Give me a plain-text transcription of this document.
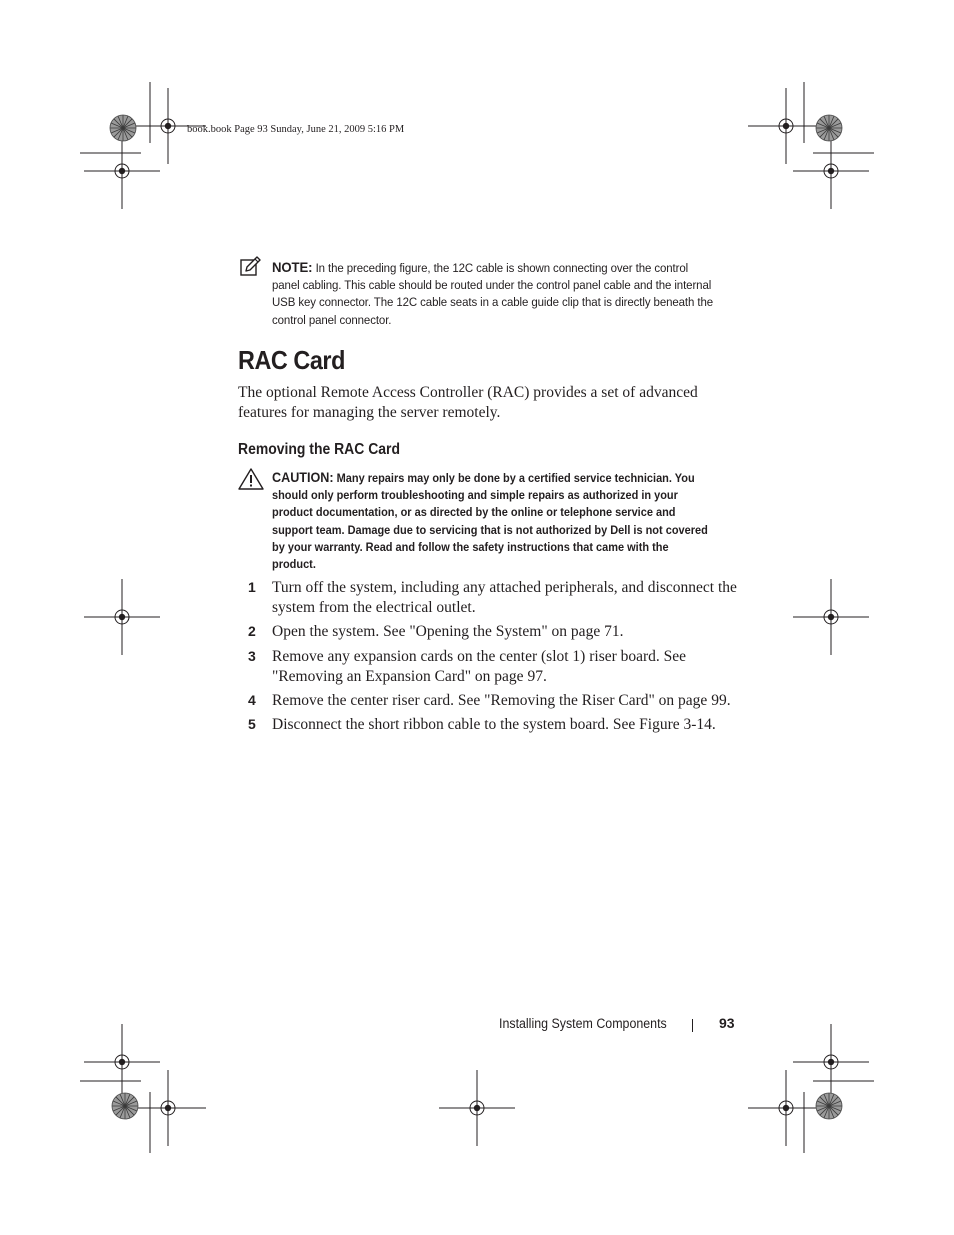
book.book Page 93 Sunday, June 21, 2009 5:16 PM
NOTE: In the preceding figure, the 12C cable is shown connecting over the control panel cabling. This cable should be routed under the control panel cable and the internal USB key connector. The 12C cable seats in a cable guide clip that is directly beneath the control panel connector.
RAC Card
The optional Remote Access Controller (RAC) provides a set of advanced features for managing the server remotely.
Removing the RAC Card
CAUTION: Many repairs may only be done by a certified service technician. You should only perform troubleshooting and simple repairs as authorized in your product documentation, or as directed by the online or telephone service and support team. Damage due to servicing that is not authorized by Dell is not covered by your warranty. Read and follow the safety instructions that came with the product.
1 Turn off the system, including any attached peripherals, and disconnect the system from the electrical outlet.
2 Open the system. See "Opening the System" on page 71.
3 Remove any expansion cards on the center (slot 1) riser board. See "Removing an Expansion Card" on page 97.
4 Remove the center riser card. See "Removing the Riser Card" on page 99.
5 Disconnect the short ribbon cable to the system board. See Figure 3-14.
Installing System Components	93
